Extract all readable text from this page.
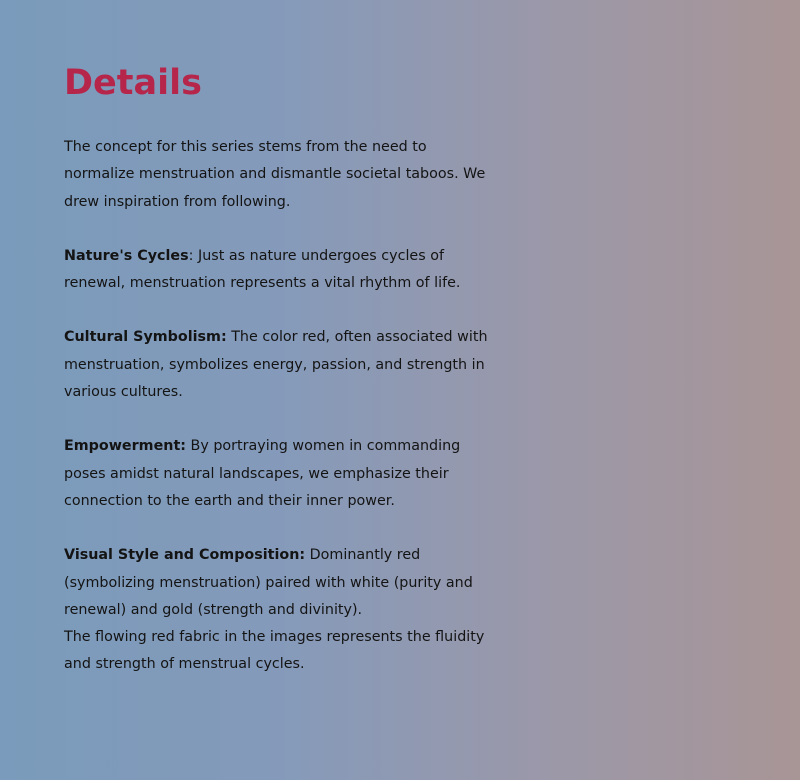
Details

The concept for this series stems from the need to normalize menstruation and dismantle societal taboos. We drew inspiration from following.

Nature's Cycles: Just as nature undergoes cycles of renewal, menstruation represents a vital rhythm of life.

Cultural Symbolism: The color red, often associated with menstruation, symbolizes energy, passion, and strength in various cultures.

Empowerment: By portraying women in commanding poses amidst natural landscapes, we emphasize their connection to the earth and their inner power.

Visual Style and Composition: Dominantly red (symbolizing menstruation) paired with white (purity and renewal) and gold (strength and divinity).
The flowing red fabric in the images represents the fluidity and strength of menstrual cycles.
